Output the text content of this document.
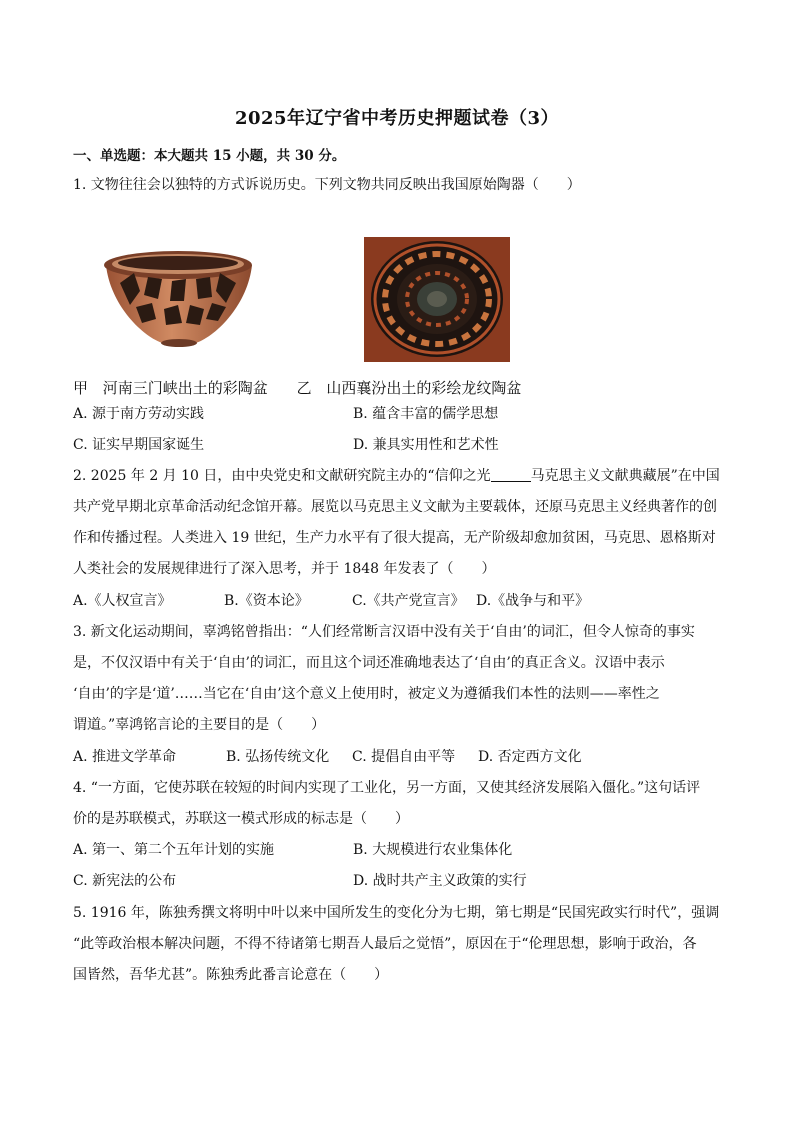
2025年辽宁省中考历史押题试卷（3）
一、单选题：本大题共 15 小题，共 30 分。
1. 文物往往会以独特的方式诉说历史。下列文物共同反映出我国原始陶器（　　）
甲 河南三门峡出土的彩陶盆 乙 山西襄汾出土的彩绘龙纹陶盆
A. 源于南方劳动实践	B. 蕴含丰富的儒学思想
C. 证实早期国家诞生	D. 兼具实用性和艺术性
2. 2025 年 2 月 10 日，由中央党史和文献研究院主办的“信仰之光	马克思主义文献典藏展”在中国
共产党早期北京革命活动纪念馆开幕。展览以马克思主义文献为主要载体，还原马克思主义经典著作的创
作和传播过程。人类进入 19 世纪，生产力水平有了很大提高，无产阶级却愈加贫困，马克思、恩格斯对
人类社会的发展规律进行了深入思考，并于 1848 年发表了（　　）
A.《人权宣言》	B.《资本论》	C.《共产党宣言》 D.《战争与和平》
3. 新文化运动期间，辜鸿铭曾指出：“人们经常断言汉语中没有关于‘自由’的词汇，但令人惊奇的事实
是，不仅汉语中有关于‘自由’的词汇，而且这个词还准确地表达了‘自由’的真正含义。汉语中表示
‘自由’的字是‘道’……当它在‘自由’这个意义上使用时，被定义为遵循我们本性的法则——率性之
谓道。”辜鸿铭言论的主要目的是（　　）
A. 推进文学革命	B. 弘扬传统文化 C. 提倡自由平等 D. 否定西方文化
4. “一方面，它使苏联在较短的时间内实现了工业化，另一方面，又使其经济发展陷入僵化。”这句话评
价的是苏联模式，苏联这一模式形成的标志是（　　）
A. 第一、第二个五年计划的实施	B. 大规模进行农业集体化
C. 新宪法的公布	D. 战时共产主义政策的实行
5. 1916 年，陈独秀撰文将明中叶以来中国所发生的变化分为七期，第七期是“民国宪政实行时代”，强调
“此等政治根本解决问题，不得不待诸第七期吾人最后之觉悟”，原因在于“伦理思想，影响于政治，各
国皆然，吾华尤甚”。陈独秀此番言论意在（　　）
